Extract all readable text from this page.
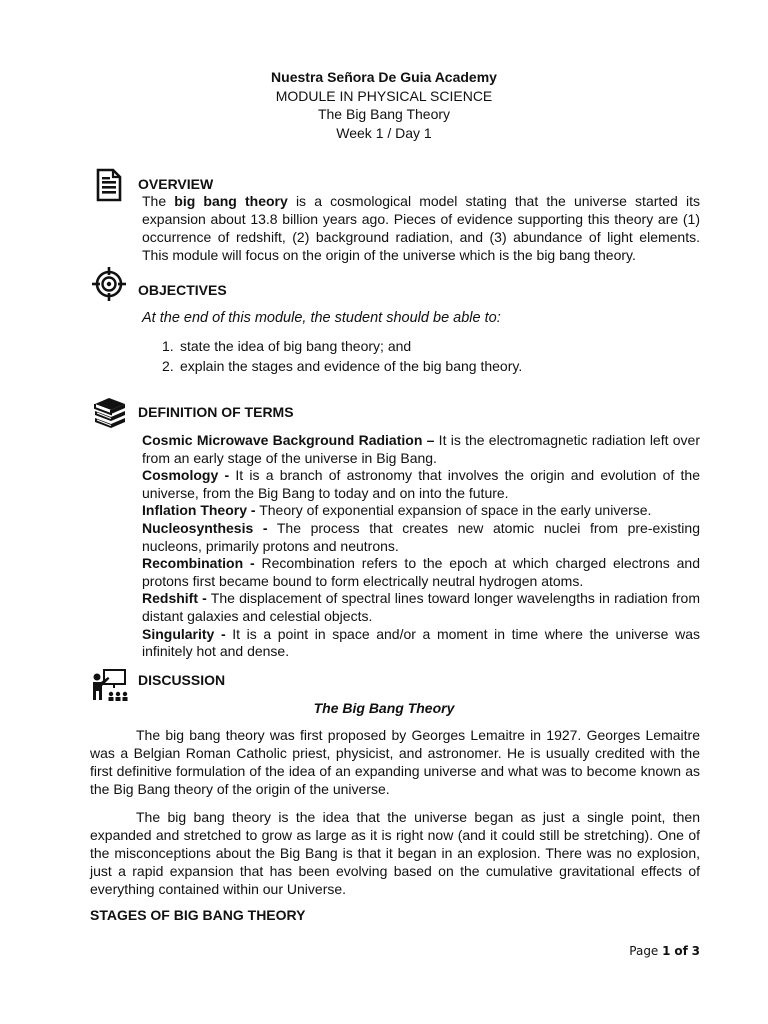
Nuestra Señora De Guia Academy
MODULE IN PHYSICAL SCIENCE
The Big Bang Theory
Week 1 / Day 1
OVERVIEW
The big bang theory is a cosmological model stating that the universe started its expansion about 13.8 billion years ago. Pieces of evidence supporting this theory are (1) occurrence of redshift, (2) background radiation, and (3) abundance of light elements. This module will focus on the origin of the universe which is the big bang theory.
OBJECTIVES
At the end of this module, the student should be able to:
1. state the idea of big bang theory; and
2. explain the stages and evidence of the big bang theory.
DEFINITION OF TERMS

Cosmic Microwave Background Radiation – It is the electromagnetic radiation left over from an early stage of the universe in Big Bang.

Cosmology - It is a branch of astronomy that involves the origin and evolution of the universe, from the Big Bang to today and on into the future.

Inflation Theory - Theory of exponential expansion of space in the early universe.

Nucleosynthesis - The process that creates new atomic nuclei from pre-existing nucleons, primarily protons and neutrons.

Recombination - Recombination refers to the epoch at which charged electrons and protons first became bound to form electrically neutral hydrogen atoms.

Redshift - The displacement of spectral lines toward longer wavelengths in radiation from distant galaxies and celestial objects.

Singularity - It is a point in space and/or a moment in time where the universe was infinitely hot and dense.

DISCUSSION
The Big Bang Theory
The big bang theory was first proposed by Georges Lemaitre in 1927. Georges Lemaitre was a Belgian Roman Catholic priest, physicist, and astronomer. He is usually credited with the first definitive formulation of the idea of an expanding universe and what was to become known as the Big Bang theory of the origin of the universe.
The big bang theory is the idea that the universe began as just a single point, then expanded and stretched to grow as large as it is right now (and it could still be stretching). One of the misconceptions about the Big Bang is that it began in an explosion. There was no explosion, just a rapid expansion that has been evolving based on the cumulative gravitational effects of everything contained within our Universe.
STAGES OF BIG BANG THEORY
Page 1 of 3
